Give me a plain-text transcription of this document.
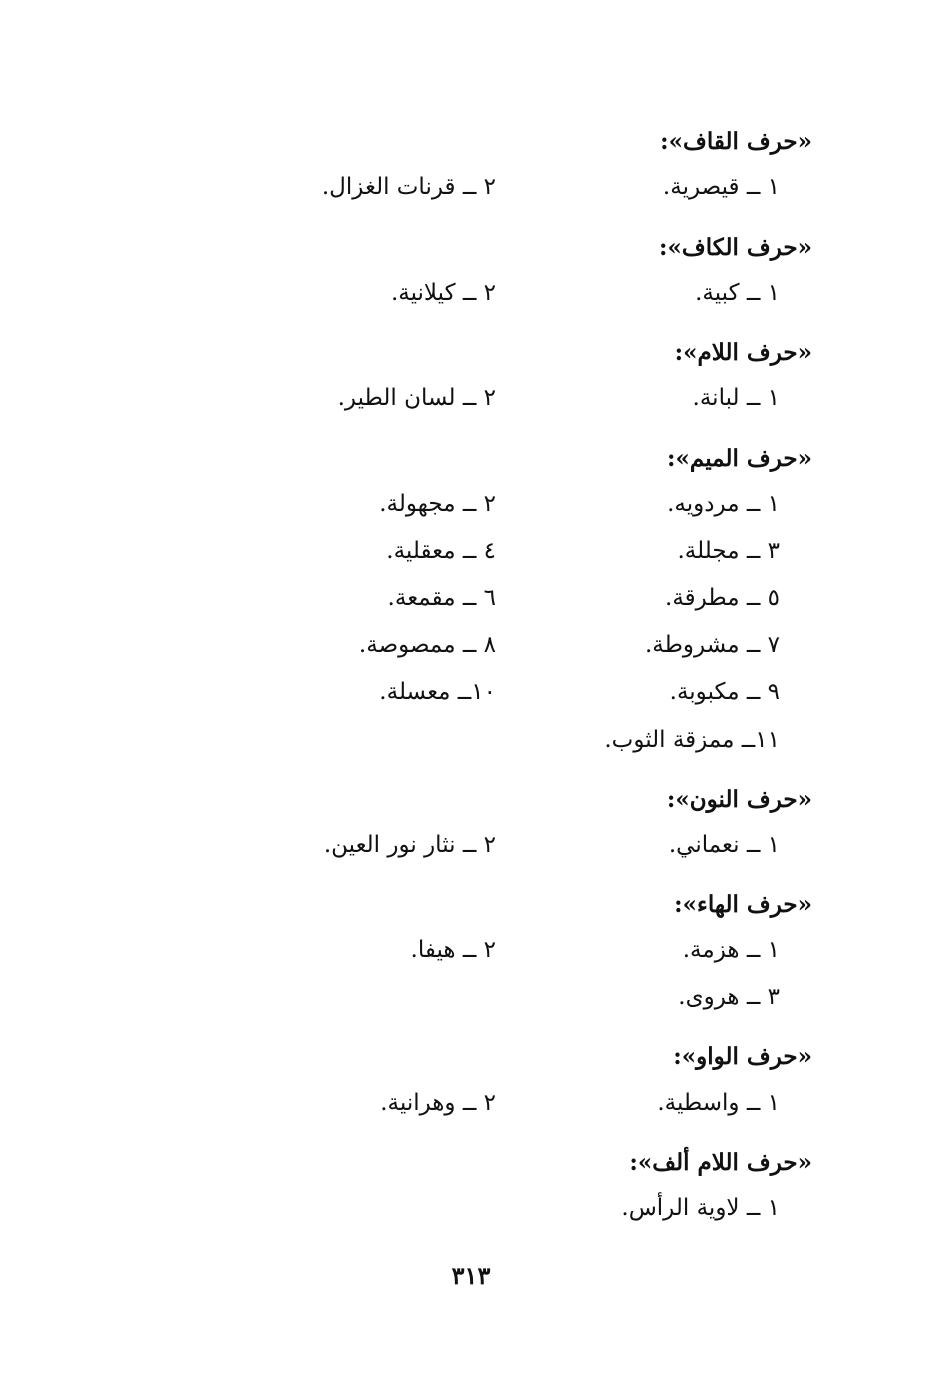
«حرف القاف»:
١ ــ قيصرية.
٢ ــ قرنات الغزال.
«حرف الكاف»:
١ ــ كبية.
٢ ــ كيلانية.
«حرف اللام»:
١ ــ لبانة.
٢ ــ لسان الطير.
«حرف الميم»:
١ ــ مردويه.
٢ ــ مجهولة.
٣ ــ مجللة.
٤ ــ معقلية.
٥ ــ مطرقة.
٦ ــ مقمعة.
٧ ــ مشروطة.
٨ ــ ممصوصة.
٩ ــ مكبوبة.
١٠ــ معسلة.
١١ــ ممزقة الثوب.
«حرف النون»:
١ ــ نعماني.
٢ ــ نثار نور العين.
«حرف الهاء»:
١ ــ هزمة.
٢ ــ هيفا.
٣ ــ هروى.
«حرف الواو»:
١ ــ واسطية.
٢ ــ وهرانية.
«حرف اللام ألف»:
١ ــ لاوية الرأس.
٣١٣
